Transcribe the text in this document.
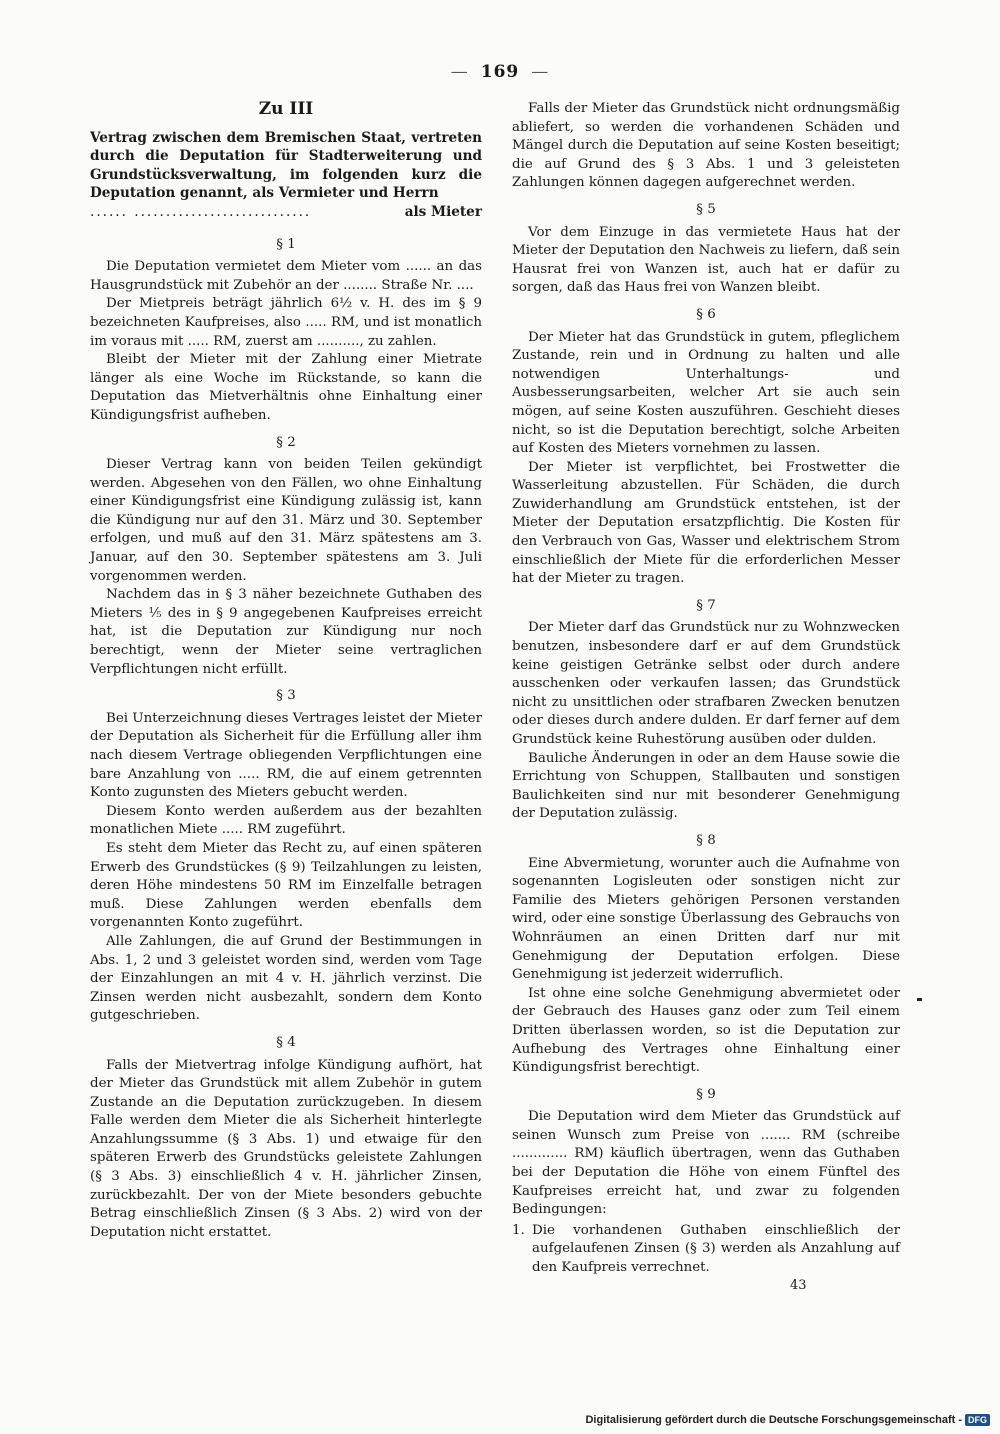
— 169 —
Zu III
Vertrag zwischen dem Bremischen Staat, vertreten durch die Deputation für Stadterweiterung und Grundstücksverwaltung, im folgenden kurz die Deputation genannt, als Vermieter und Herrn
...... ............................	als Mieter
§ 1

Die Deputation vermietet dem Mieter vom ...... an das Hausgrundstück mit Zubehör an der ........ Straße Nr. ....

Der Mietpreis beträgt jährlich 6½ v. H. des im § 9 bezeichneten Kaufpreises, also ..... RM, und ist monatlich im voraus mit ..... RM, zuerst am .........., zu zahlen.

Bleibt der Mieter mit der Zahlung einer Mietrate länger als eine Woche im Rückstande, so kann die Deputation das Mietverhältnis ohne Einhaltung einer Kündigungsfrist aufheben.

§ 2

Dieser Vertrag kann von beiden Teilen gekündigt werden. Abgesehen von den Fällen, wo ohne Einhaltung einer Kündigungsfrist eine Kündigung zulässig ist, kann die Kündigung nur auf den 31. März und 30. September erfolgen, und muß auf den 31. März spätestens am 3. Januar, auf den 30. September spätestens am 3. Juli vorgenommen werden.

Nachdem das in § 3 näher bezeichnete Guthaben des Mieters ⅕ des in § 9 angegebenen Kaufpreises erreicht hat, ist die Deputation zur Kündigung nur noch berechtigt, wenn der Mieter seine vertraglichen Verpflichtungen nicht erfüllt.

§ 3

Bei Unterzeichnung dieses Vertrages leistet der Mieter der Deputation als Sicherheit für die Erfüllung aller ihm nach diesem Vertrage obliegenden Verpflichtungen eine bare Anzahlung von ..... RM, die auf einem getrennten Konto zugunsten des Mieters gebucht werden.

Diesem Konto werden außerdem aus der bezahlten monatlichen Miete ..... RM zugeführt.

Es steht dem Mieter das Recht zu, auf einen späteren Erwerb des Grundstückes (§ 9) Teilzahlungen zu leisten, deren Höhe mindestens 50 RM im Einzelfalle betragen muß. Diese Zahlungen werden ebenfalls dem vorgenannten Konto zugeführt.

Alle Zahlungen, die auf Grund der Bestimmungen in Abs. 1, 2 und 3 geleistet worden sind, werden vom Tage der Einzahlungen an mit 4 v. H. jährlich verzinst. Die Zinsen werden nicht ausbezahlt, sondern dem Konto gutgeschrieben.

§ 4

Falls der Mietvertrag infolge Kündigung aufhört, hat der Mieter das Grundstück mit allem Zubehör in gutem Zustande an die Deputation zurückzugeben. In diesem Falle werden dem Mieter die als Sicherheit hinterlegte Anzahlungssumme (§ 3 Abs. 1) und etwaige für den späteren Erwerb des Grundstücks geleistete Zahlungen (§ 3 Abs. 3) einschließlich 4 v. H. jährlicher Zinsen, zurückbezahlt. Der von der Miete besonders gebuchte Betrag einschließlich Zinsen (§ 3 Abs. 2) wird von der Deputation nicht erstattet.

Falls der Mieter das Grundstück nicht ordnungsmäßig abliefert, so werden die vorhandenen Schäden und Mängel durch die Deputation auf seine Kosten beseitigt; die auf Grund des § 3 Abs. 1 und 3 geleisteten Zahlungen können dagegen aufgerechnet werden.

§ 5

Vor dem Einzuge in das vermietete Haus hat der Mieter der Deputation den Nachweis zu liefern, daß sein Hausrat frei von Wanzen ist, auch hat er dafür zu sorgen, daß das Haus frei von Wanzen bleibt.

§ 6

Der Mieter hat das Grundstück in gutem, pfleglichem Zustande, rein und in Ordnung zu halten und alle notwendigen Unterhaltungs- und Ausbesserungsarbeiten, welcher Art sie auch sein mögen, auf seine Kosten auszuführen. Geschieht dieses nicht, so ist die Deputation berechtigt, solche Arbeiten auf Kosten des Mieters vornehmen zu lassen.

Der Mieter ist verpflichtet, bei Frostwetter die Wasserleitung abzustellen. Für Schäden, die durch Zuwiderhandlung am Grundstück entstehen, ist der Mieter der Deputation ersatzpflichtig. Die Kosten für den Verbrauch von Gas, Wasser und elektrischem Strom einschließlich der Miete für die erforderlichen Messer hat der Mieter zu tragen.

§ 7

Der Mieter darf das Grundstück nur zu Wohnzwecken benutzen, insbesondere darf er auf dem Grundstück keine geistigen Getränke selbst oder durch andere ausschenken oder verkaufen lassen; das Grundstück nicht zu unsittlichen oder strafbaren Zwecken benutzen oder dieses durch andere dulden. Er darf ferner auf dem Grundstück keine Ruhestörung ausüben oder dulden.

Bauliche Änderungen in oder an dem Hause sowie die Errichtung von Schuppen, Stallbauten und sonstigen Baulichkeiten sind nur mit besonderer Genehmigung der Deputation zulässig.

§ 8

Eine Abvermietung, worunter auch die Aufnahme von sogenannten Logisleuten oder sonstigen nicht zur Familie des Mieters gehörigen Personen verstanden wird, oder eine sonstige Überlassung des Gebrauchs von Wohnräumen an einen Dritten darf nur mit Genehmigung der Deputation erfolgen. Diese Genehmigung ist jederzeit widerruflich.

Ist ohne eine solche Genehmigung abvermietet oder der Gebrauch des Hauses ganz oder zum Teil einem Dritten überlassen worden, so ist die Deputation zur Aufhebung des Vertrages ohne Einhaltung einer Kündigungsfrist berechtigt.

§ 9

Die Deputation wird dem Mieter das Grundstück auf seinen Wunsch zum Preise von ....... RM (schreibe ............. RM) käuflich übertragen, wenn das Guthaben bei der Deputation die Höhe von einem Fünftel des Kaufpreises erreicht hat, und zwar zu folgenden Bedingungen:

1. Die vorhandenen Guthaben einschließlich der aufgelaufenen Zinsen (§ 3) werden als Anzahlung auf den Kaufpreis verrechnet.
43
Digitalisierung gefördert durch die Deutsche Forschungsgemeinschaft - DFG
